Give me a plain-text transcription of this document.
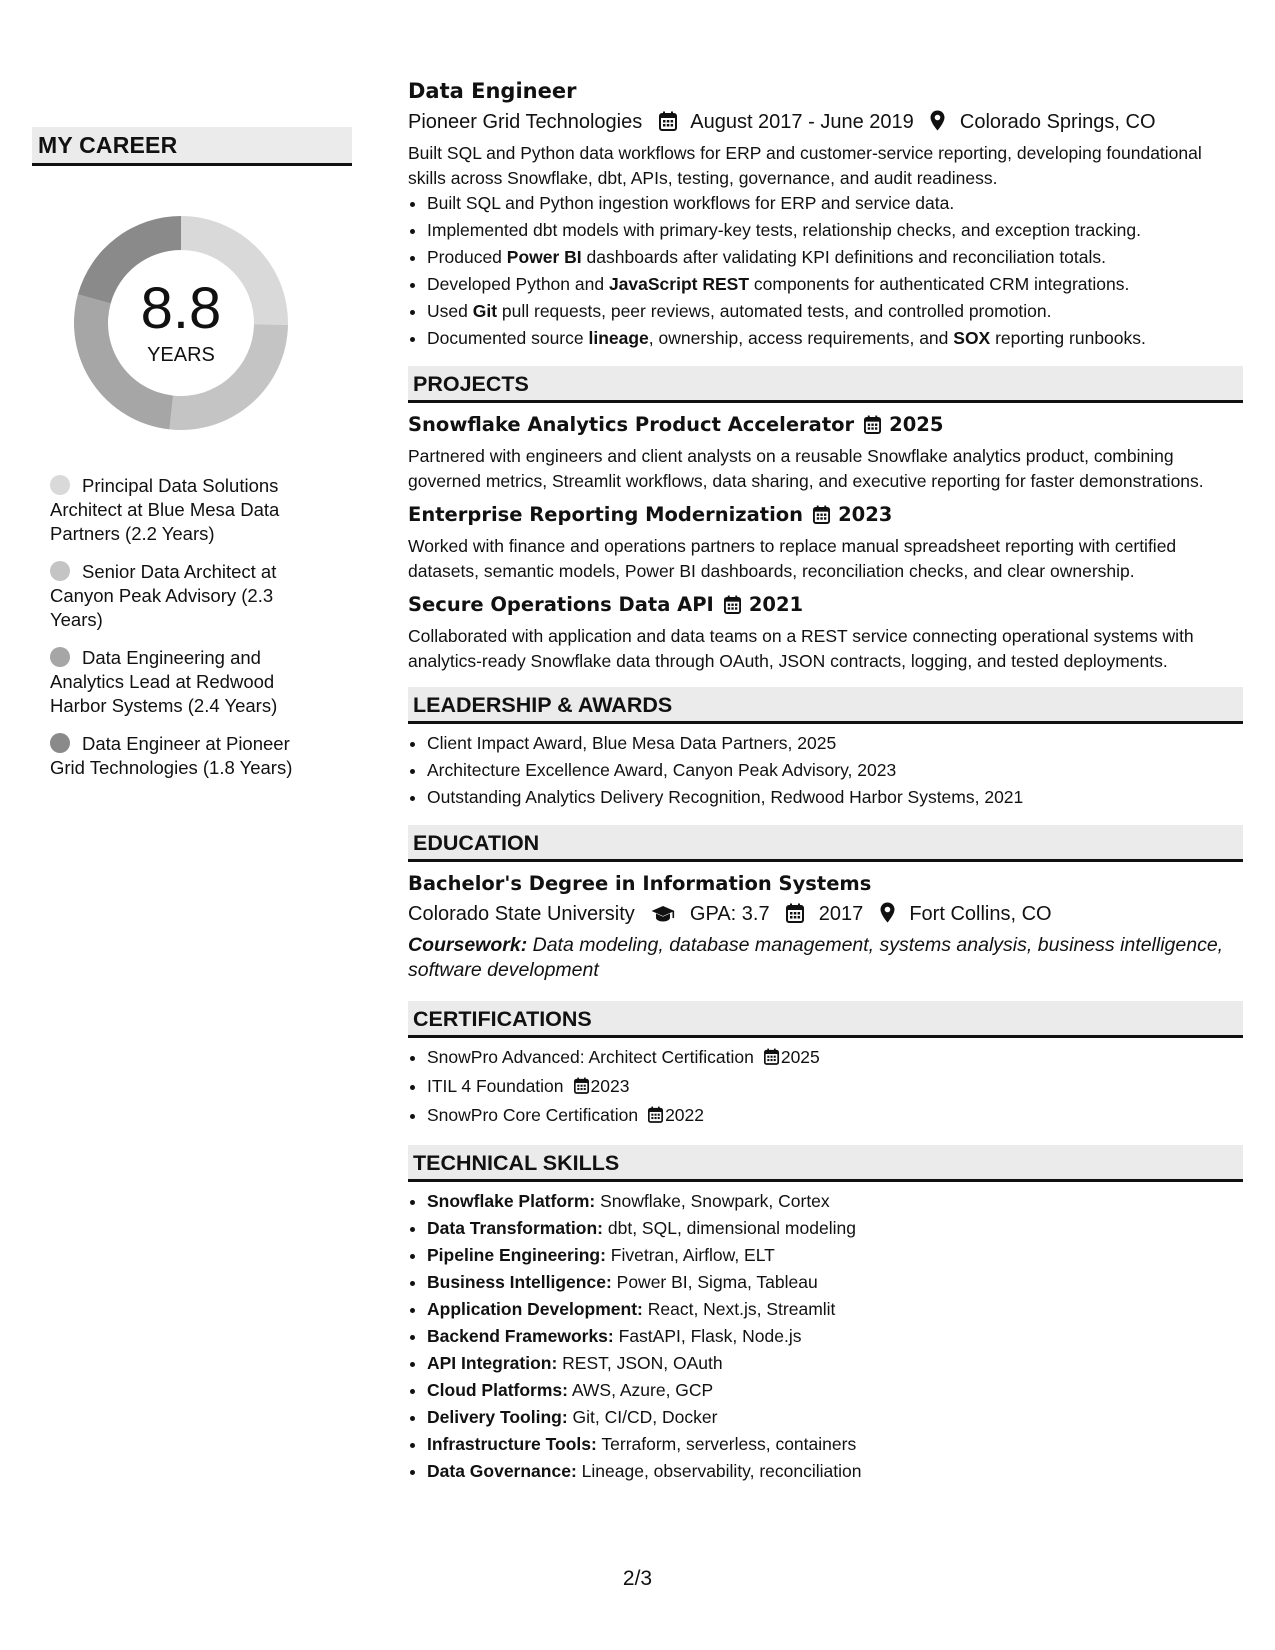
MY CAREER
8.8
YEARS
Principal Data Solutions Architect at Blue Mesa Data Partners (2.2 Years)
Senior Data Architect at Canyon Peak Advisory (2.3 Years)
Data Engineering and Analytics Lead at Redwood Harbor Systems (2.4 Years)
Data Engineer at Pioneer Grid Technologies (1.8 Years)
Data Engineer
Pioneer Grid Technologies August 2017 - June 2019 Colorado Springs, CO

Built SQL and Python data workflows for ERP and customer-service reporting, developing foundational skills across Snowflake, dbt, APIs, testing, governance, and audit readiness.

• Built SQL and Python ingestion workflows for ERP and service data.
• Implemented dbt models with primary-key tests, relationship checks, and exception tracking.
• Produced Power BI dashboards after validating KPI definitions and reconciliation totals.
• Developed Python and JavaScript REST components for authenticated CRM integrations.
• Used Git pull requests, peer reviews, automated tests, and controlled promotion.
• Documented source lineage, ownership, access requirements, and SOX reporting runbooks.
PROJECTS
Snowflake Analytics Product Accelerator 2025

Partnered with engineers and client analysts on a reusable Snowflake analytics product, combining governed metrics, Streamlit workflows, data sharing, and executive reporting for faster demonstrations.

Enterprise Reporting Modernization 2023

Worked with finance and operations partners to replace manual spreadsheet reporting with certified datasets, semantic models, Power BI dashboards, reconciliation checks, and clear ownership.

Secure Operations Data API 2021

Collaborated with application and data teams on a REST service connecting operational systems with analytics-ready Snowflake data through OAuth, JSON contracts, logging, and tested deployments.

LEADERSHIP & AWARDS
• Client Impact Award, Blue Mesa Data Partners, 2025
• Architecture Excellence Award, Canyon Peak Advisory, 2023
• Outstanding Analytics Delivery Recognition, Redwood Harbor Systems, 2021
EDUCATION
Bachelor's Degree in Information Systems
Colorado State University	GPA: 3.7 2017 Fort Collins, CO
Coursework: Data modeling, database management, systems analysis, business intelligence, software development
CERTIFICATIONS
• SnowPro Advanced: Architect Certification 2025
• ITIL 4 Foundation 2023
• SnowPro Core Certification 2022
TECHNICAL SKILLS
• Snowflake Platform: Snowflake, Snowpark, Cortex
• Data Transformation: dbt, SQL, dimensional modeling
• Pipeline Engineering: Fivetran, Airflow, ELT
• Business Intelligence: Power BI, Sigma, Tableau
• Application Development: React, Next.js, Streamlit
• Backend Frameworks: FastAPI, Flask, Node.js
• API Integration: REST, JSON, OAuth
• Cloud Platforms: AWS, Azure, GCP
• Delivery Tooling: Git, CI/CD, Docker
• Infrastructure Tools: Terraform, serverless, containers
• Data Governance: Lineage, observability, reconciliation
2/3
